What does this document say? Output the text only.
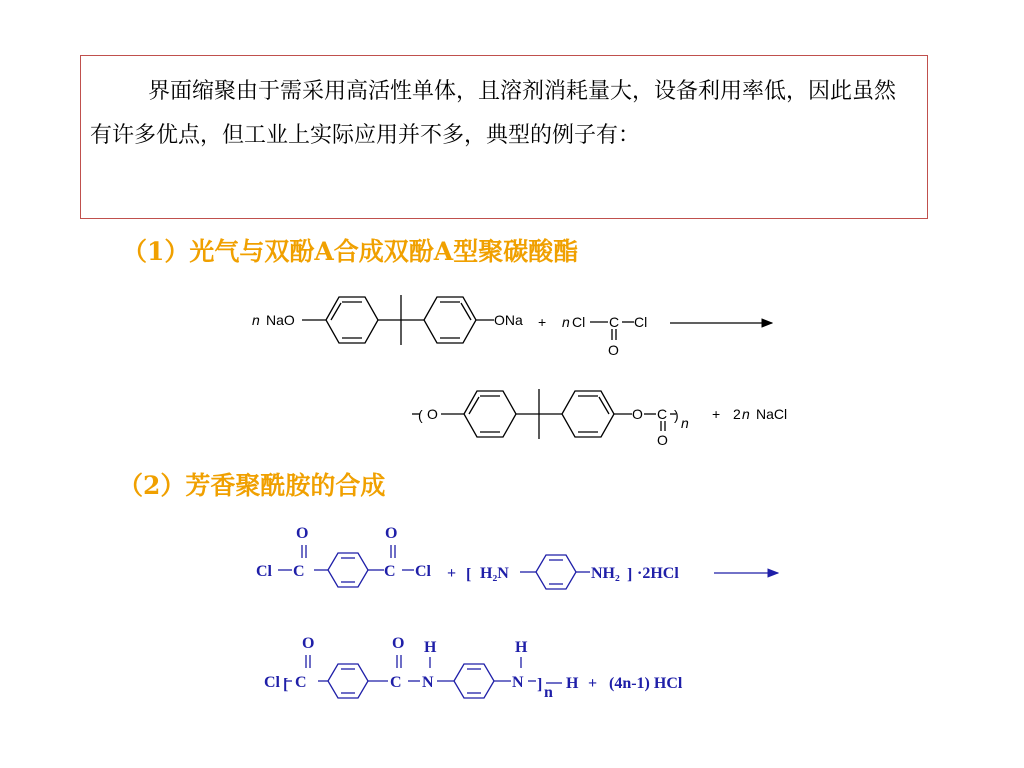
界面缩聚由于需采用高活性单体，且溶剂消耗量大，设备利用率低，因此虽然有许多优点，但工业上实际应用并不多，典型的例子有：

（1）光气与双酚A合成双酚A型聚碳酸酯
（2）芳香聚酰胺的合成
n NaO	ONa + n Cl C Cl
O
( O	O C ) n
O
+ 2 n NaCl
O	O
Cl C	C Cl + [ H₂N	NH₂ ] ·2HCl
O	O H	H
Cl [ C	C N	N ] n
H + (4n-1) HCl
